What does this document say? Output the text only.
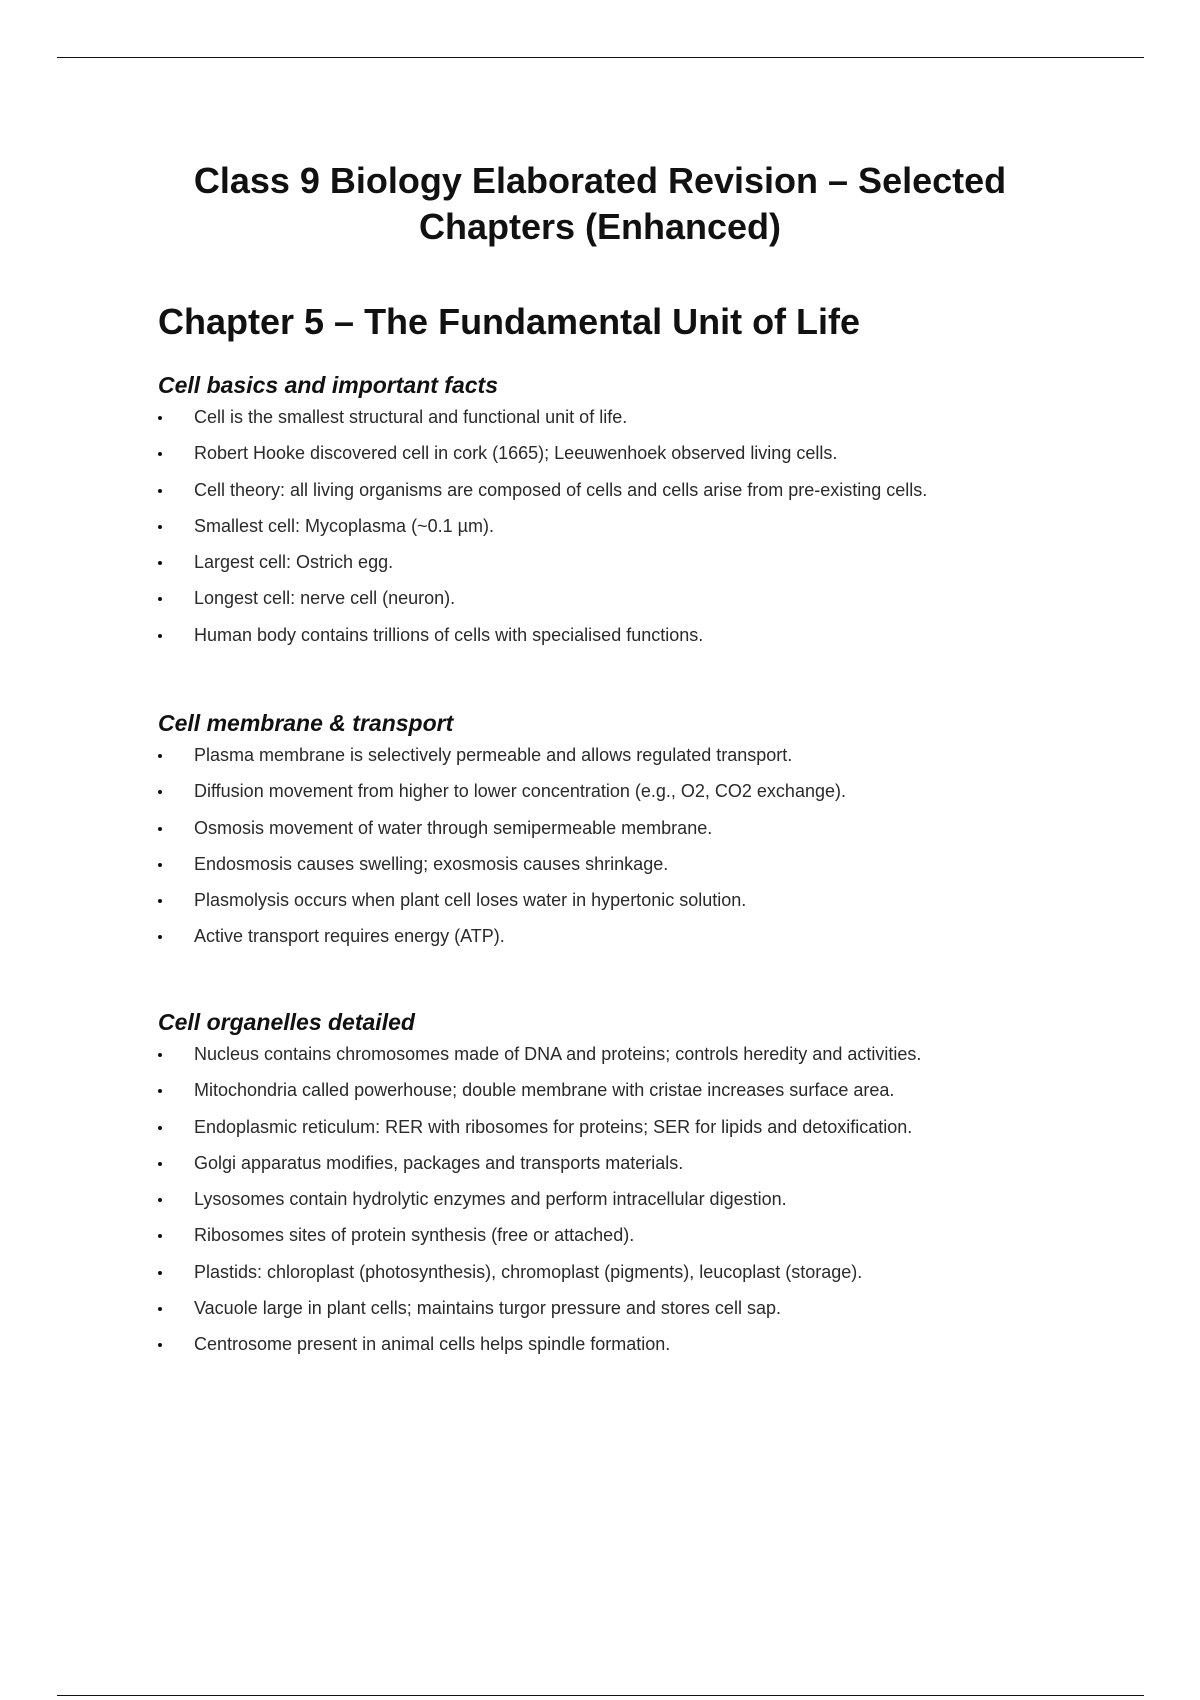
Class 9 Biology Elaborated Revision – Selected Chapters (Enhanced)
Chapter 5 – The Fundamental Unit of Life
Cell basics and important facts
Cell is the smallest structural and functional unit of life.
Robert Hooke discovered cell in cork (1665); Leeuwenhoek observed living cells.
Cell theory: all living organisms are composed of cells and cells arise from pre-existing cells.
Smallest cell: Mycoplasma (~0.1 µm).
Largest cell: Ostrich egg.
Longest cell: nerve cell (neuron).
Human body contains trillions of cells with specialised functions.
Cell membrane & transport
Plasma membrane is selectively permeable and allows regulated transport.
Diffusion movement from higher to lower concentration (e.g., O2, CO2 exchange).
Osmosis movement of water through semipermeable membrane.
Endosmosis causes swelling; exosmosis causes shrinkage.
Plasmolysis occurs when plant cell loses water in hypertonic solution.
Active transport requires energy (ATP).
Cell organelles detailed
Nucleus contains chromosomes made of DNA and proteins; controls heredity and activities.
Mitochondria called powerhouse; double membrane with cristae increases surface area.
Endoplasmic reticulum: RER with ribosomes for proteins; SER for lipids and detoxification.
Golgi apparatus modifies, packages and transports materials.
Lysosomes contain hydrolytic enzymes and perform intracellular digestion.
Ribosomes sites of protein synthesis (free or attached).
Plastids: chloroplast (photosynthesis), chromoplast (pigments), leucoplast (storage).
Vacuole large in plant cells; maintains turgor pressure and stores cell sap.
Centrosome present in animal cells helps spindle formation.
